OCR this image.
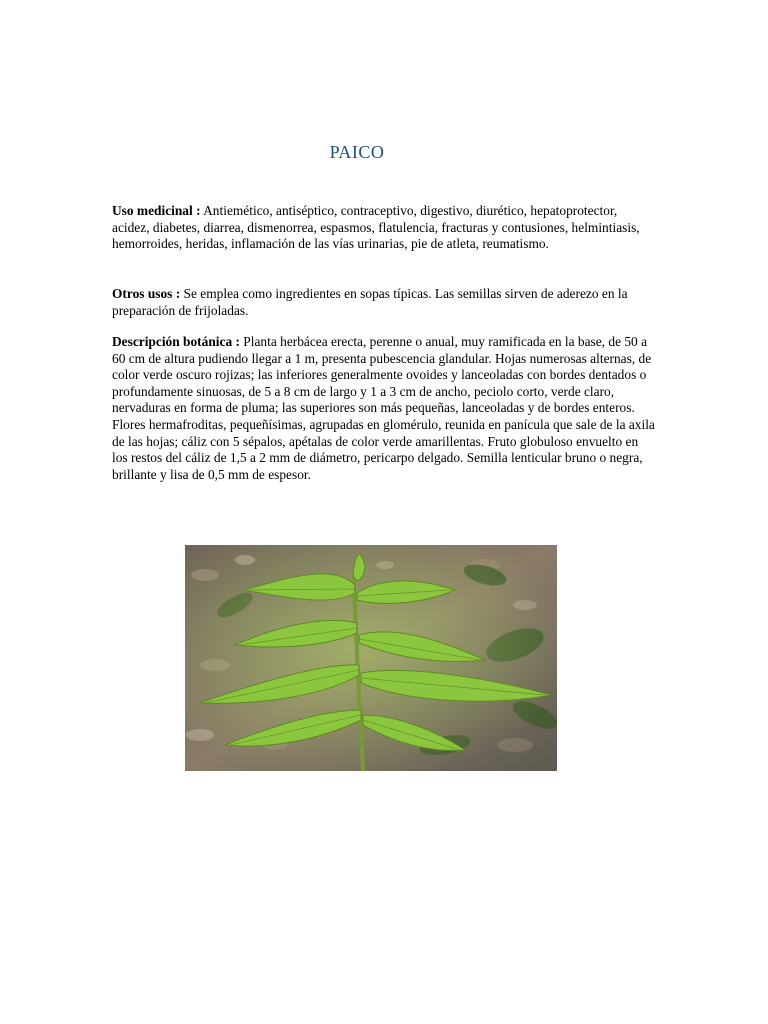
PAICO

Uso medicinal : Antiemético, antiséptico, contraceptivo, digestivo, diurético, hepatoprotector, acidez, diabetes, diarrea, dismenorrea, espasmos, flatulencia, fracturas y contusiones, helmintiasis, hemorroides, heridas, inflamación de las vías urinarias, pie de atleta, reumatismo.

Otros usos : Se emplea como ingredientes en sopas típicas. Las semillas sirven de aderezo en la preparación de frijoladas.

Descripción botánica : Planta herbácea erecta, perenne o anual, muy ramificada en la base, de 50 a 60 cm de altura pudiendo llegar a 1 m, presenta pubescencia glandular. Hojas numerosas alternas, de color verde oscuro rojizas; las inferiores generalmente ovoides y lanceoladas con bordes dentados o profundamente sinuosas, de 5 a 8 cm de largo y 1 a 3 cm de ancho, peciolo corto, verde claro, nervaduras en forma de pluma; las superiores son más pequeñas, lanceoladas y de bordes enteros. Flores hermafroditas, pequeñísimas, agrupadas en glomérulo, reunida en panícula que sale de la axila de las hojas; cáliz con 5 sépalos, apétalas de color verde amarillentas. Fruto globuloso envuelto en los restos del cáliz de 1,5 a 2 mm de diámetro, pericarpo delgado. Semilla lenticular bruno o negra, brillante y lisa de 0,5 mm de espesor.
